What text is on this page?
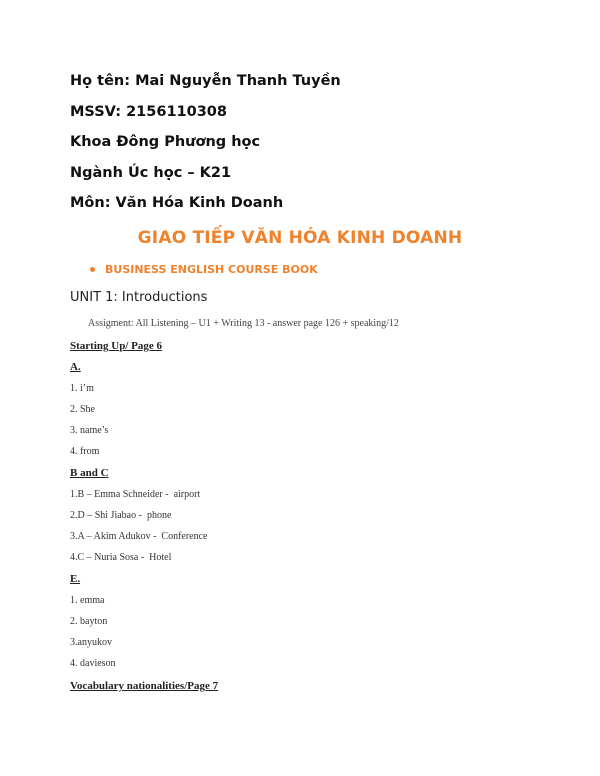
Họ tên: Mai Nguyễn Thanh Tuyền
MSSV: 2156110308
Khoa Đông Phương học
Ngành Úc học – K21
Môn: Văn Hóa Kinh Doanh
GIAO TIẾP VĂN HÓA KINH DOANH
BUSINESS ENGLISH COURSE BOOK
UNIT 1: Introductions
Assigment: All Listening – U1 + Writing 13 - answer page 126 + speaking/12
Starting Up/ Page 6
A.
1. i’m
2. She
3. name’s
4. from
B and C
1.B – Emma Schneider -  airport
2.D – Shi Jiabao -  phone
3.A – Akim Adukov -  Conference
4.C – Nuria Sosa -  Hotel
E.
1. emma
2. bayton
3.anyukov
4. davieson
Vocabulary nationalities/Page 7
